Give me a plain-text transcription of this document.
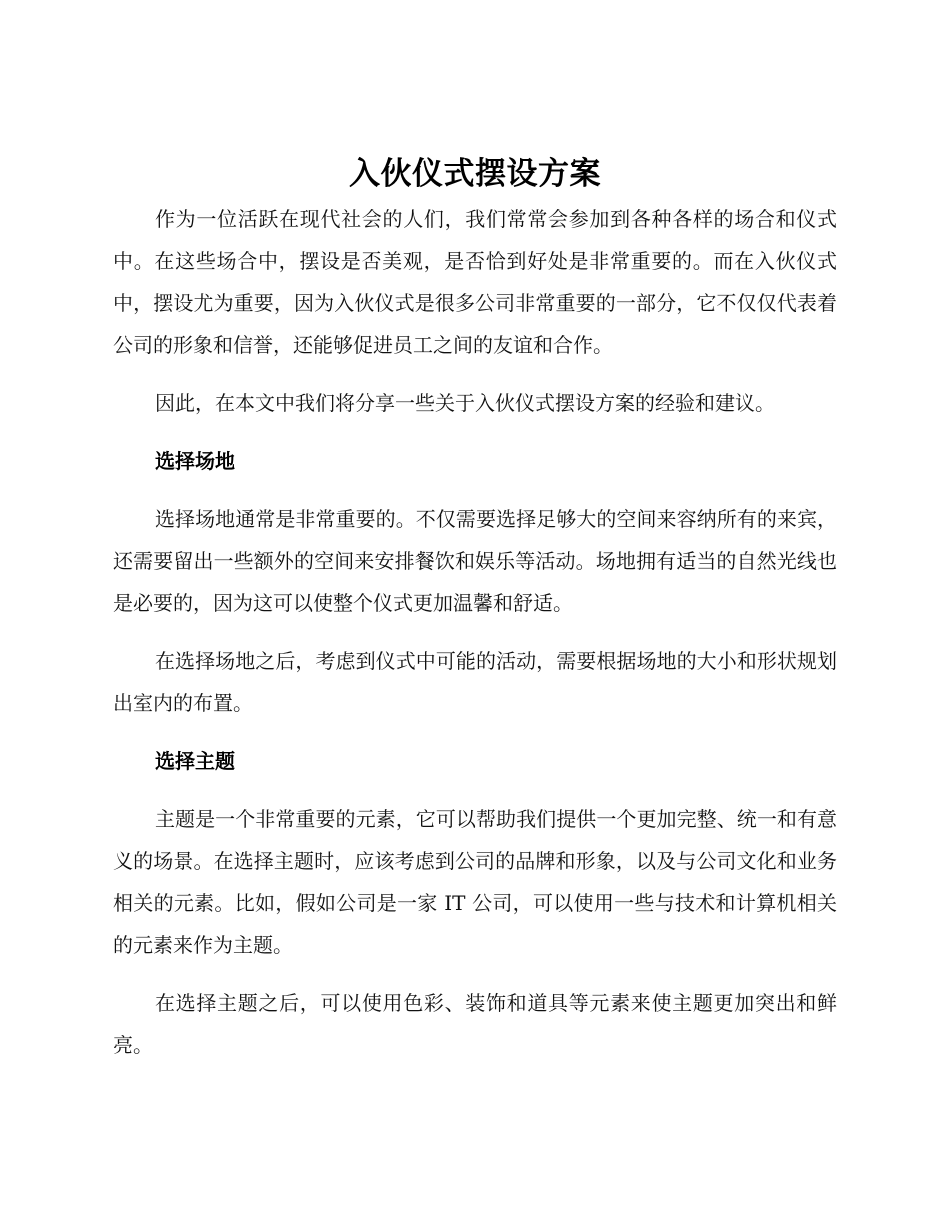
入伙仪式摆设方案

作为一位活跃在现代社会的人们，我们常常会参加到各种各样的场合和仪式中。在这些场合中，摆设是否美观，是否恰到好处是非常重要的。而在入伙仪式中，摆设尤为重要，因为入伙仪式是很多公司非常重要的一部分，它不仅仅代表着公司的形象和信誉，还能够促进员工之间的友谊和合作。

因此，在本文中我们将分享一些关于入伙仪式摆设方案的经验和建议。

选择场地

选择场地通常是非常重要的。不仅需要选择足够大的空间来容纳所有的来宾，还需要留出一些额外的空间来安排餐饮和娱乐等活动。场地拥有适当的自然光线也是必要的，因为这可以使整个仪式更加温馨和舒适。

在选择场地之后，考虑到仪式中可能的活动，需要根据场地的大小和形状规划出室内的布置。

选择主题

主题是一个非常重要的元素，它可以帮助我们提供一个更加完整、统一和有意义的场景。在选择主题时，应该考虑到公司的品牌和形象，以及与公司文化和业务相关的元素。比如，假如公司是一家 IT 公司，可以使用一些与技术和计算机相关的元素来作为主题。

在选择主题之后，可以使用色彩、装饰和道具等元素来使主题更加突出和鲜亮。
